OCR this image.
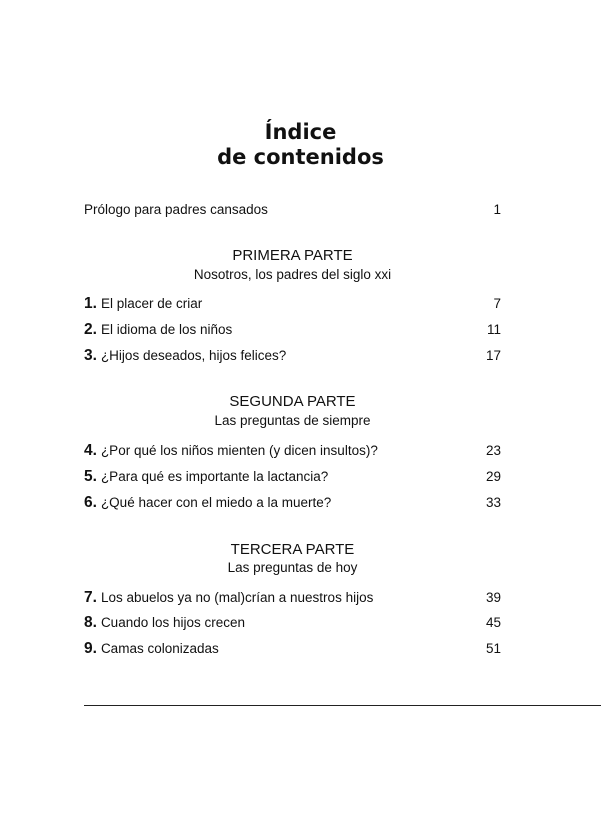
Índice
de contenidos
Prólogo para padres cansados	1
PRIMERA PARTE
Nosotros, los padres del siglo xxi
1. El placer de criar	7
2. El idioma de los niños	11
3. ¿Hijos deseados, hijos felices?	17
SEGUNDA PARTE
Las preguntas de siempre
4. ¿Por qué los niños mienten (y dicen insultos)?	23
5. ¿Para qué es importante la lactancia?	29
6. ¿Qué hacer con el miedo a la muerte?	33
TERCERA PARTE
Las preguntas de hoy
7. Los abuelos ya no (mal)crían a nuestros hijos	39
8. Cuando los hijos crecen	45
9. Camas colonizadas	51
